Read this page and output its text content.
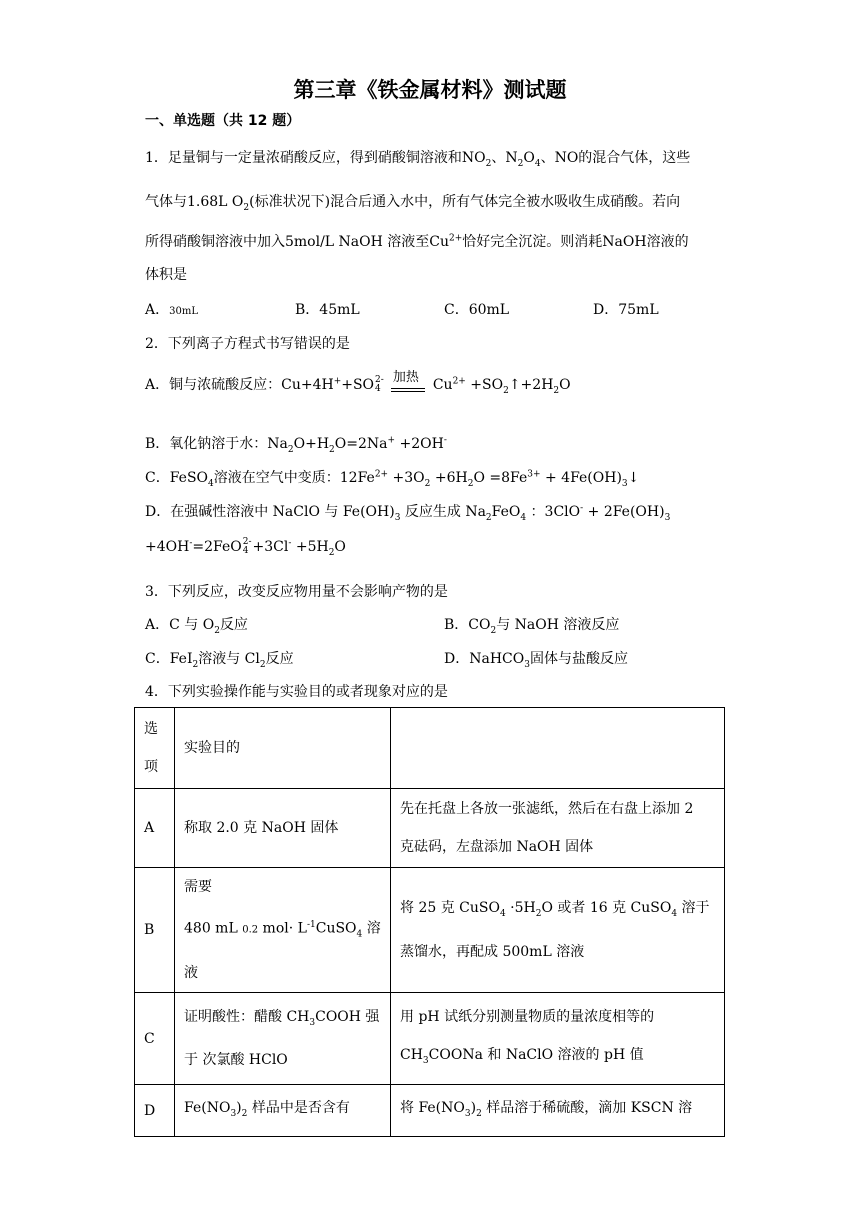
第三章《铁金属材料》测试题
一、单选题（共 12 题）
1．足量铜与一定量浓硝酸反应，得到硝酸铜溶液和$NO_2$、$N_2O_4$、NO的混合气体，这些
气体与1.68L $O_2$(标准状况下)混合后通入水中，所有气体完全被水吸收生成硝酸。若向
所得硝酸铜溶液中加入5mol/L NaOH 溶液至$Cu^{2+}$恰好完全沉淀。则消耗NaOH溶液的
体积是
A．30mL	B．45mL	C．60mL	D．75mL
2．下列离子方程式书写错误的是
A．铜与浓硫酸反应：Cu+4H++SO2-
4
加热 $Cu^{2+}$ $+SO_2↑+2H_2O$
B．氧化钠溶于水：$Na_2O+H_2O=2Na^+ +2OH^-$
C．FeSO$_4$溶液在空气中变质：$12Fe^{2+} +3O_2 +6H_2O =8Fe^{3+}$ + $4Fe(OH)_3↓$
D．在强碱性溶液中 NaClO 与 $Fe(OH)_3$ 反应生成 $Na_2FeO_4$ ：$3ClO^- + 2Fe(OH)_3$
+4OH-=2FeO2-
$4 +3Cl^- +5H_2O$
3．下列反应，改变反应物用量不会影响产物的是
A．C 与 $O_2$反应	B．$CO_2$与 NaOH 溶液反应
C．FeI$_2$溶液与 $Cl_2$反应	D．NaHCO$_3$固体与盐酸反应
4．下列实验操作能与实验目的或者现象对应的是
选
项	实验目的	
A	称取 2.0 克 NaOH 固体	先在托盘上各放一张滤纸，然后在右盘上添加 2
克砝码，左盘添加 NaOH 固体
B	需要
480 mL 0.2 $mol\cdot L^{-1}CuSO_4$ 溶
液	将 25 克 CuSO$_4$ $\cdot 5H_2O$ 或者 16 克 CuSO$_4$ 溶于
蒸馏水，再配成 500mL 溶液
C	证明酸性：醋酸 $CH_3COOH$ 强
于 次氯酸 HClO	用 pH 试纸分别测量物质的量浓度相等的
$CH_3COONa$ 和 NaClO 溶液的 pH 值
D	$Fe(NO_3)_2$ 样品中是否含有	将 $Fe(NO_3)_2$ 样品溶于稀硫酸，滴加 KSCN 溶
